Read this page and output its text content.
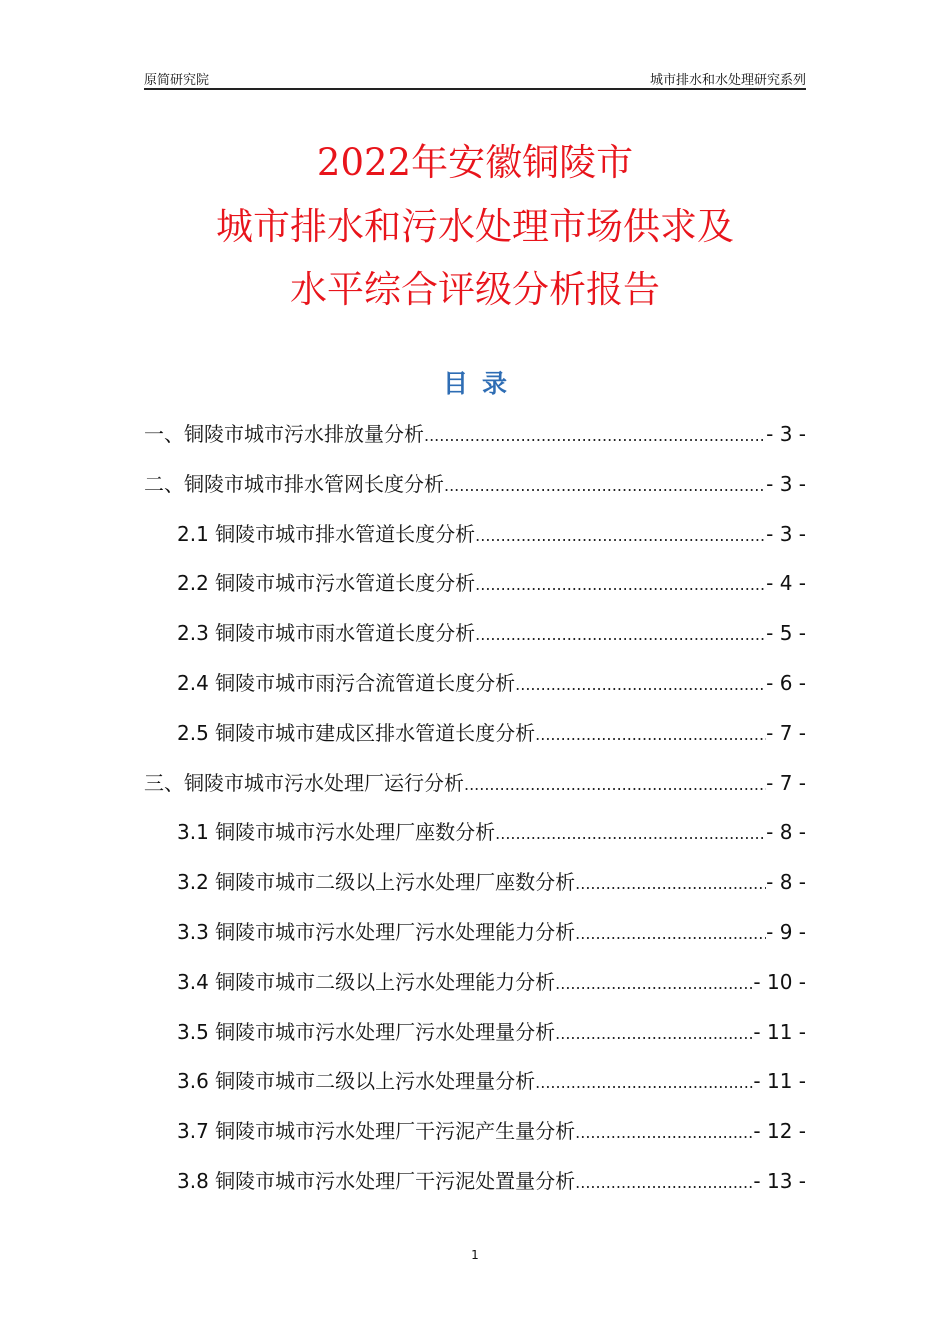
原简研究院	城市排水和水处理研究系列
2022年安徽铜陵市
城市排水和污水处理市场供求及
水平综合评级分析报告
目录
一、铜陵市城市污水排放量分析 .....	- 3 -
二、铜陵市城市排水管网长度分析 .....	- 3 -
2.1 铜陵市城市排水管道长度分析 .....	- 3 -
2.2 铜陵市城市污水管道长度分析 .....	- 4 -
2.3 铜陵市城市雨水管道长度分析 .....	- 5 -
2.4 铜陵市城市雨污合流管道长度分析 .....	- 6 -
2.5 铜陵市城市建成区排水管道长度分析 .....	- 7 -
三、铜陵市城市污水处理厂运行分析 .....	- 7 -
3.1 铜陵市城市污水处理厂座数分析 .....	- 8 -
3.2 铜陵市城市二级以上污水处理厂座数分析 .....	- 8 -
3.3 铜陵市城市污水处理厂污水处理能力分析 .....	- 9 -
3.4 铜陵市城市二级以上污水处理能力分析 .....	- 10 -
3.5 铜陵市城市污水处理厂污水处理量分析 .....	- 11 -
3.6 铜陵市城市二级以上污水处理量分析 .....	- 11 -
3.7 铜陵市城市污水处理厂干污泥产生量分析 .....	- 12 -
3.8 铜陵市城市污水处理厂干污泥处置量分析 .....	- 13 -
1
